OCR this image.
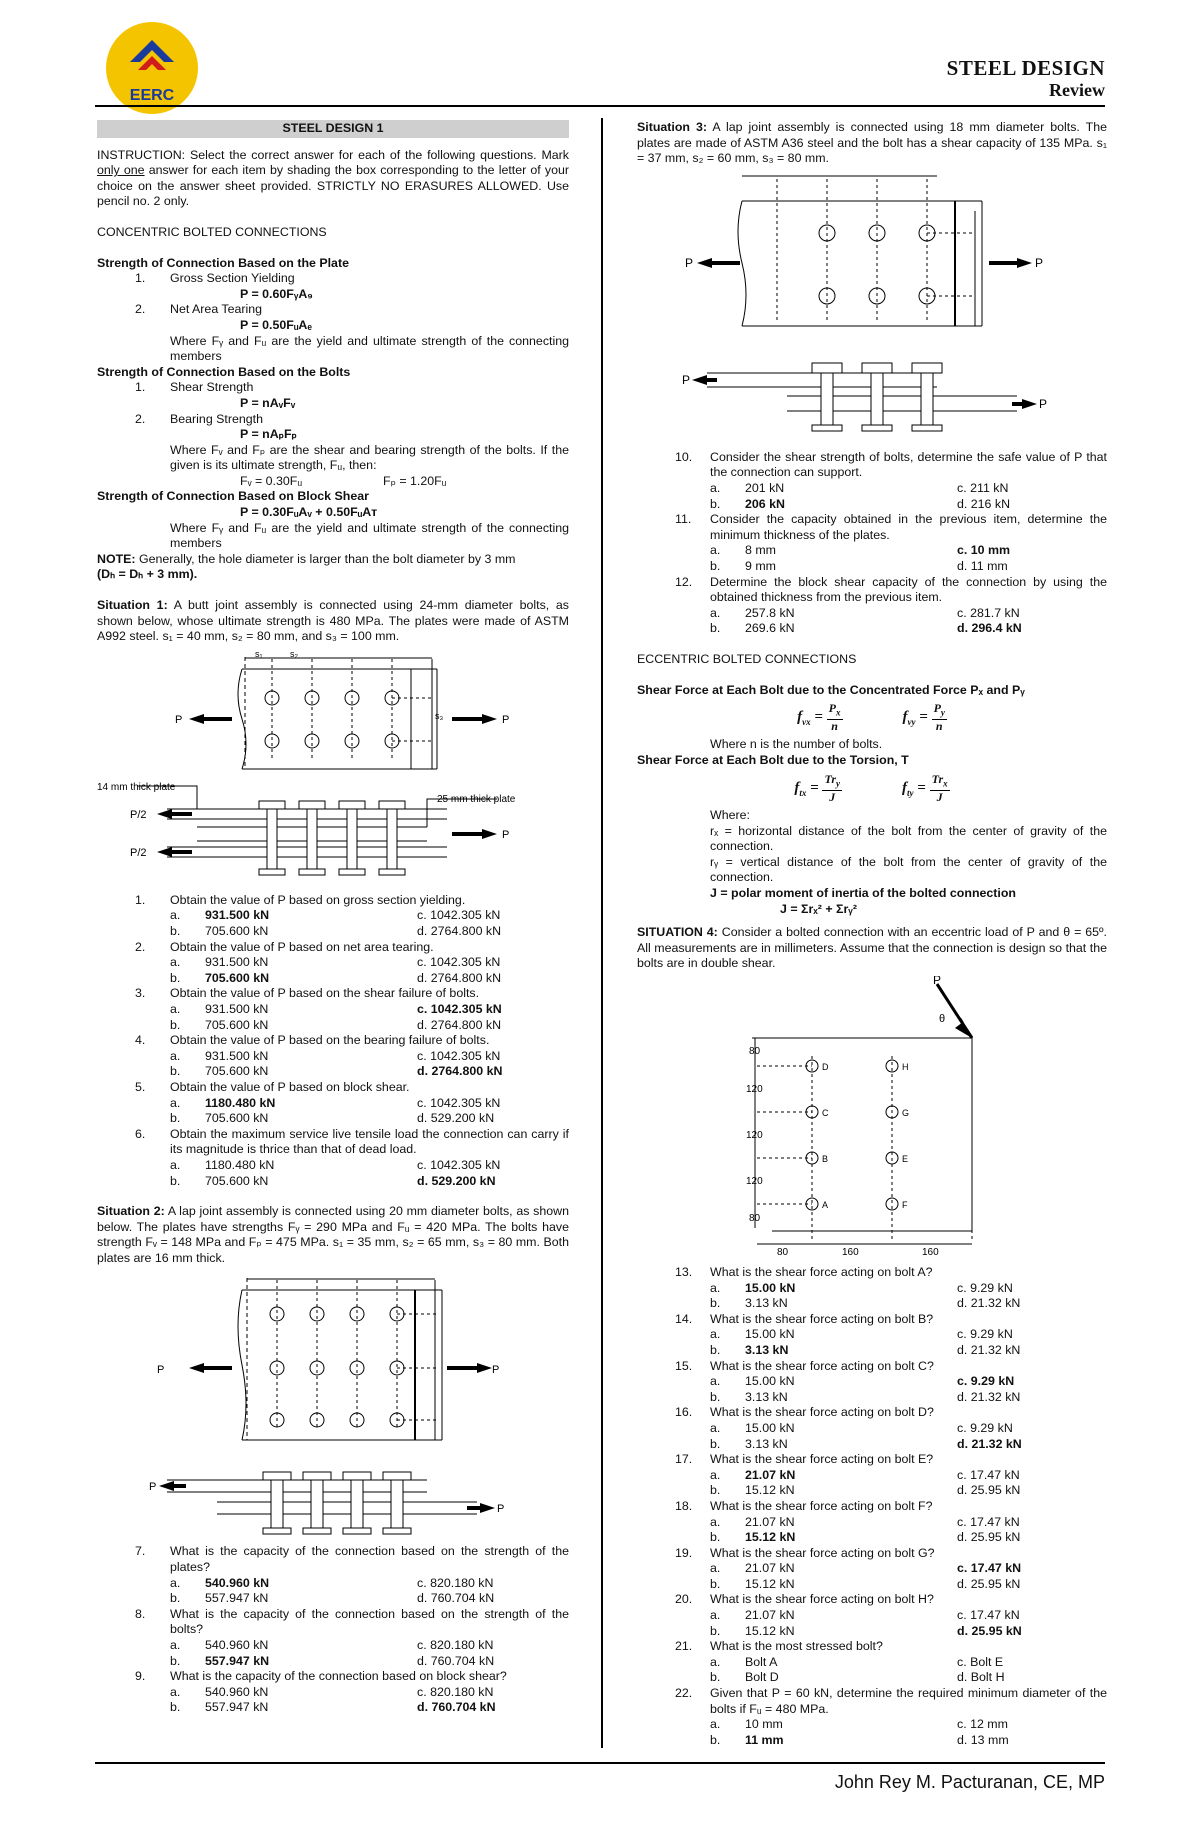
EERC
STEEL DESIGN
Review
STEEL DESIGN 1

INSTRUCTION: Select the correct answer for each of the following questions. Mark only one answer for each item by shading the box corresponding to the letter of your choice on the answer sheet provided. STRICTLY NO ERASURES ALLOWED. Use pencil no. 2 only.

CONCENTRIC BOLTED CONNECTIONS
Strength of Connection Based on the Plate
1.	Gross Section Yielding
P = 0.60FᵧA₉
2.	Net Area Tearing
P = 0.50FᵤAₑ
Where Fᵧ and Fᵤ are the yield and ultimate strength of the connecting members
Strength of Connection Based on the Bolts
1.	Shear Strength
P = nAᵥFᵥ
2.	Bearing Strength
P = nAₚFₚ
Where Fᵥ and Fₚ are the shear and bearing strength of the bolts. If the given is its ultimate strength, Fᵤ, then:
Fᵥ = 0.30Fᵤ	Fₚ = 1.20Fᵤ
Strength of Connection Based on Block Shear
P = 0.30FᵤAᵥ + 0.50FᵤAᴛ
Where Fᵧ and Fᵤ are the yield and ultimate strength of the connecting members
NOTE: Generally, the hole diameter is larger than the bolt diameter by 3 mm
(Dₕ = Dₕ + 3 mm).

Situation 1: A butt joint assembly is connected using 24-mm diameter bolts, as shown below, whose ultimate strength is 480 MPa. The plates were made of ASTM A992 steel. s₁ = 40 mm, s₂ = 80 mm, and s₃ = 100 mm.

P	P
s₁	s₂
s₃
14 mm thick plate
25 mm thick plate
P/2
P/2
P
1.	Obtain the value of P based on gross section yielding.
a.	931.500 kN	c. 1042.305 kN
b.	705.600 kN	d. 2764.800 kN
2.	Obtain the value of P based on net area tearing.
a.	931.500 kN	c. 1042.305 kN
b.	705.600 kN	d. 2764.800 kN
3.	Obtain the value of P based on the shear failure of bolts.
a.	931.500 kN	c. 1042.305 kN
b.	705.600 kN	d. 2764.800 kN
4.	Obtain the value of P based on the bearing failure of bolts.
a.	931.500 kN	c. 1042.305 kN
b.	705.600 kN	d. 2764.800 kN
5.	Obtain the value of P based on block shear.
a.	1180.480 kN	c. 1042.305 kN
b.	705.600 kN	d. 529.200 kN
6.	Obtain the maximum service live tensile load the connection can carry if its magnitude is thrice than that of dead load.
a.	1180.480 kN	c. 1042.305 kN
b.	705.600 kN	d. 529.200 kN

Situation 2: A lap joint assembly is connected using 20 mm diameter bolts, as shown below. The plates have strengths Fᵧ = 290 MPa and Fᵤ = 420 MPa. The bolts have strength Fᵥ = 148 MPa and Fₚ = 475 MPa. s₁ = 35 mm, s₂ = 65 mm, s₃ = 80 mm. Both plates are 16 mm thick.

P	P
P
P
7.	What is the capacity of the connection based on the strength of the plates?
a.	540.960 kN	c. 820.180 kN
b.	557.947 kN	d. 760.704 kN
8.	What is the capacity of the connection based on the strength of the bolts?
a.	540.960 kN	c. 820.180 kN
b.	557.947 kN	d. 760.704 kN
9.	What is the capacity of the connection based on block shear?
a.	540.960 kN	c. 820.180 kN
b.	557.947 kN	d. 760.704 kN

Situation 3: A lap joint assembly is connected using 18 mm diameter bolts. The plates are made of ASTM A36 steel and the bolt has a shear capacity of 135 MPa. s₁ = 37 mm, s₂ = 60 mm, s₃ = 80 mm.

P	P
P
P
10.	Consider the shear strength of bolts, determine the safe value of P that the connection can support.
a.	201 kN	c. 211 kN
b.	206 kN	d. 216 kN
11.	Consider the capacity obtained in the previous item, determine the minimum thickness of the plates.
a.	8 mm	c. 10 mm
b.	9 mm	d. 11 mm
12.	Determine the block shear capacity of the connection by using the obtained thickness from the previous item.
a.	257.8 kN	c. 281.7 kN
b.	269.6 kN	d. 296.4 kN
ECCENTRIC BOLTED CONNECTIONS
Shear Force at Each Bolt due to the Concentrated Force Pₓ and Pᵧ
$f_{vx} = \frac{P_x}{n}$	$f_{vy} = \frac{P_y}{n}$
Where n is the number of bolts.
Shear Force at Each Bolt due to the Torsion, T
$f_{tx} = \frac{Tr_y}{J}$	$f_{ty} = \frac{Tr_x}{J}$
Where:
rₓ = horizontal distance of the bolt from the center of gravity of the connection.
rᵧ = vertical distance of the bolt from the center of gravity of the connection.
J = polar moment of inertia of the bolted connection
J = Σrₓ² + Σrᵧ²

SITUATION 4: Consider a bolted connection with an eccentric load of P and θ = 65º. All measurements are in millimeters. Assume that the connection is design so that the bolts are in double shear.

P
θ
80
120
120
120
80
80	160	160
D	H
C	G
B	E
A	F
13.	What is the shear force acting on bolt A?
a.	15.00 kN	c. 9.29 kN
b.	3.13 kN	d. 21.32 kN
14.	What is the shear force acting on bolt B?
a.	15.00 kN	c. 9.29 kN
b.	3.13 kN	d. 21.32 kN
15.	What is the shear force acting on bolt C?
a.	15.00 kN	c. 9.29 kN
b.	3.13 kN	d. 21.32 kN
16.	What is the shear force acting on bolt D?
a.	15.00 kN	c. 9.29 kN
b.	3.13 kN	d. 21.32 kN
17.	What is the shear force acting on bolt E?
a.	21.07 kN	c. 17.47 kN
b.	15.12 kN	d. 25.95 kN
18.	What is the shear force acting on bolt F?
a.	21.07 kN	c. 17.47 kN
b.	15.12 kN	d. 25.95 kN
19.	What is the shear force acting on bolt G?
a.	21.07 kN	c. 17.47 kN
b.	15.12 kN	d. 25.95 kN
20.	What is the shear force acting on bolt H?
a.	21.07 kN	c. 17.47 kN
b.	15.12 kN	d. 25.95 kN
21.	What is the most stressed bolt?
a.	Bolt A	c. Bolt E
b.	Bolt D	d. Bolt H
22.	Given that P = 60 kN, determine the required minimum diameter of the bolts if Fᵤ = 480 MPa.
a.	10 mm	c. 12 mm
b.	11 mm	d. 13 mm
John Rey M. Pacturanan, CE, MP
